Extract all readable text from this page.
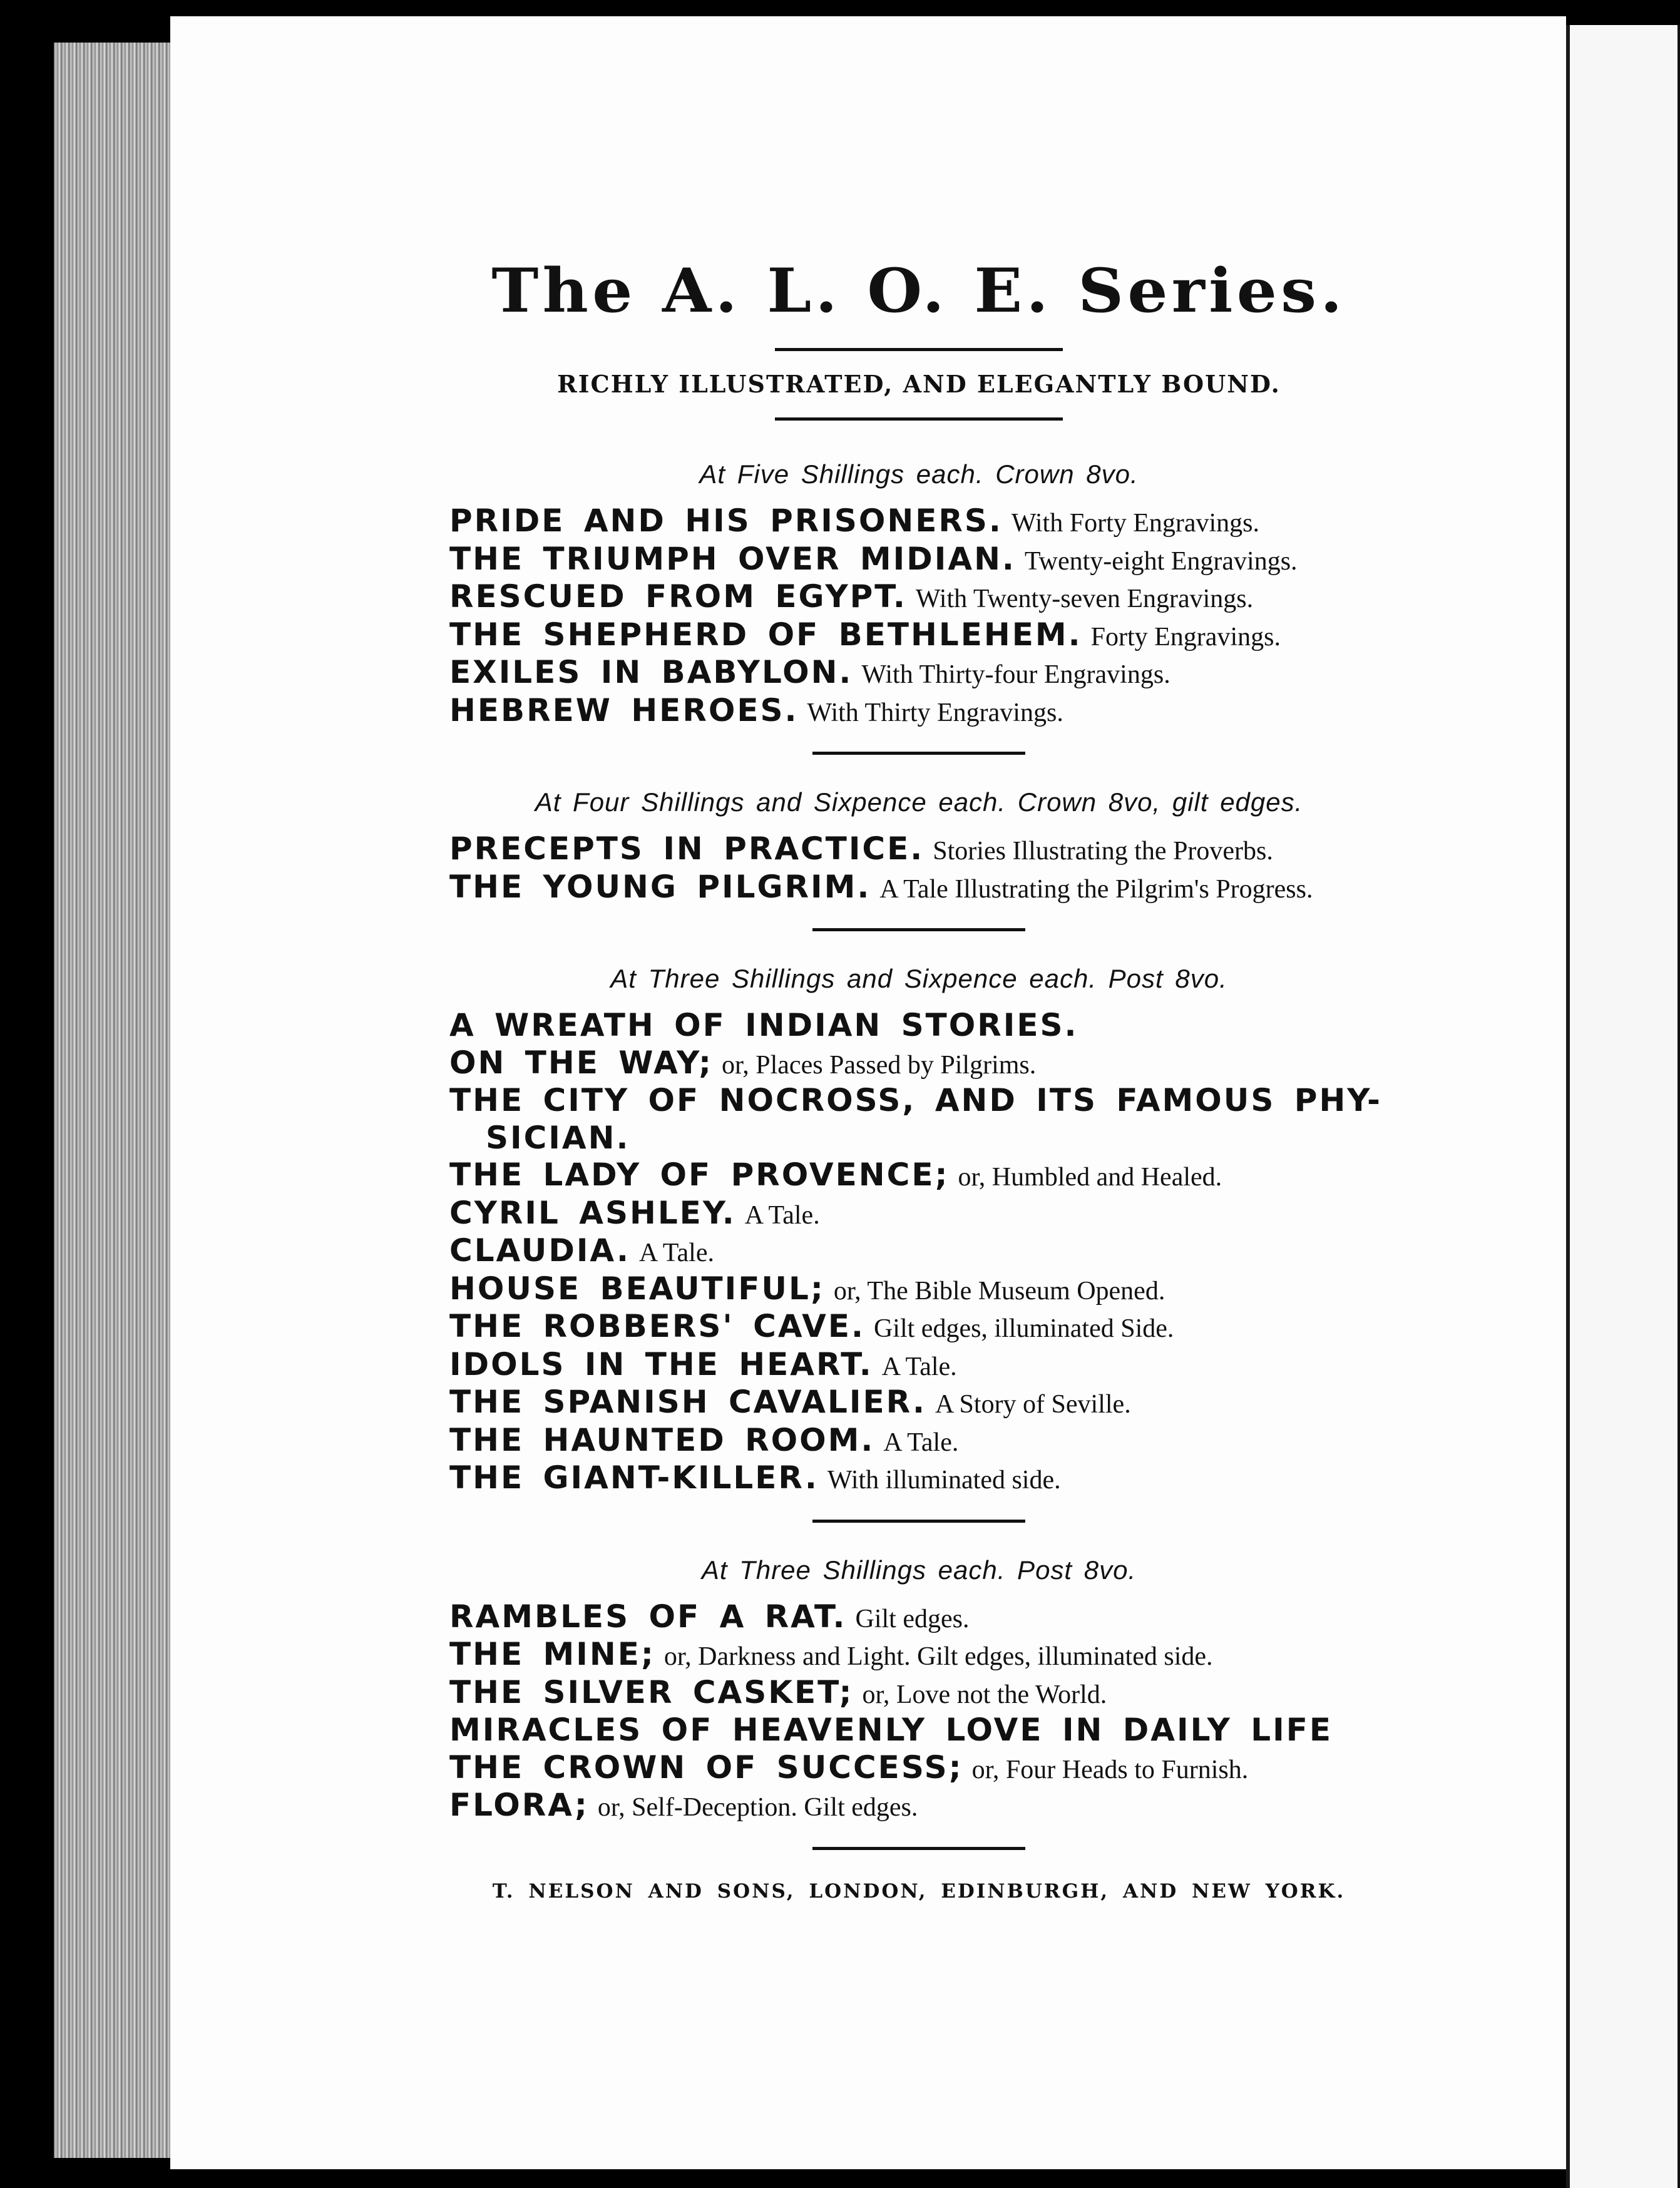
The A. L. O. E. Series.
RICHLY ILLUSTRATED, AND ELEGANTLY BOUND.
At Five Shillings each. Crown 8vo.
PRIDE AND HIS PRISONERS. With Forty Engravings.
THE TRIUMPH OVER MIDIAN. Twenty-eight Engravings.
RESCUED FROM EGYPT. With Twenty-seven Engravings.
THE SHEPHERD OF BETHLEHEM. Forty Engravings.
EXILES IN BABYLON. With Thirty-four Engravings.
HEBREW HEROES. With Thirty Engravings.
At Four Shillings and Sixpence each. Crown 8vo, gilt edges.
PRECEPTS IN PRACTICE. Stories Illustrating the Proverbs.
THE YOUNG PILGRIM. A Tale Illustrating the Pilgrim's Progress.
At Three Shillings and Sixpence each. Post 8vo.
A WREATH OF INDIAN STORIES.
ON THE WAY; or, Places Passed by Pilgrims.
THE CITY OF NOCROSS, AND ITS FAMOUS PHY-
SICIAN.
THE LADY OF PROVENCE; or, Humbled and Healed.
CYRIL ASHLEY. A Tale.
CLAUDIA. A Tale.
HOUSE BEAUTIFUL; or, The Bible Museum Opened.
THE ROBBERS' CAVE. Gilt edges, illuminated Side.
IDOLS IN THE HEART. A Tale.
THE SPANISH CAVALIER. A Story of Seville.
THE HAUNTED ROOM. A Tale.
THE GIANT-KILLER. With illuminated side.
At Three Shillings each. Post 8vo.
RAMBLES OF A RAT. Gilt edges.
THE MINE; or, Darkness and Light. Gilt edges, illuminated side.
THE SILVER CASKET; or, Love not the World.
MIRACLES OF HEAVENLY LOVE IN DAILY LIFE
THE CROWN OF SUCCESS; or, Four Heads to Furnish.
FLORA; or, Self-Deception. Gilt edges.
T. NELSON AND SONS, LONDON, EDINBURGH, AND NEW YORK.
